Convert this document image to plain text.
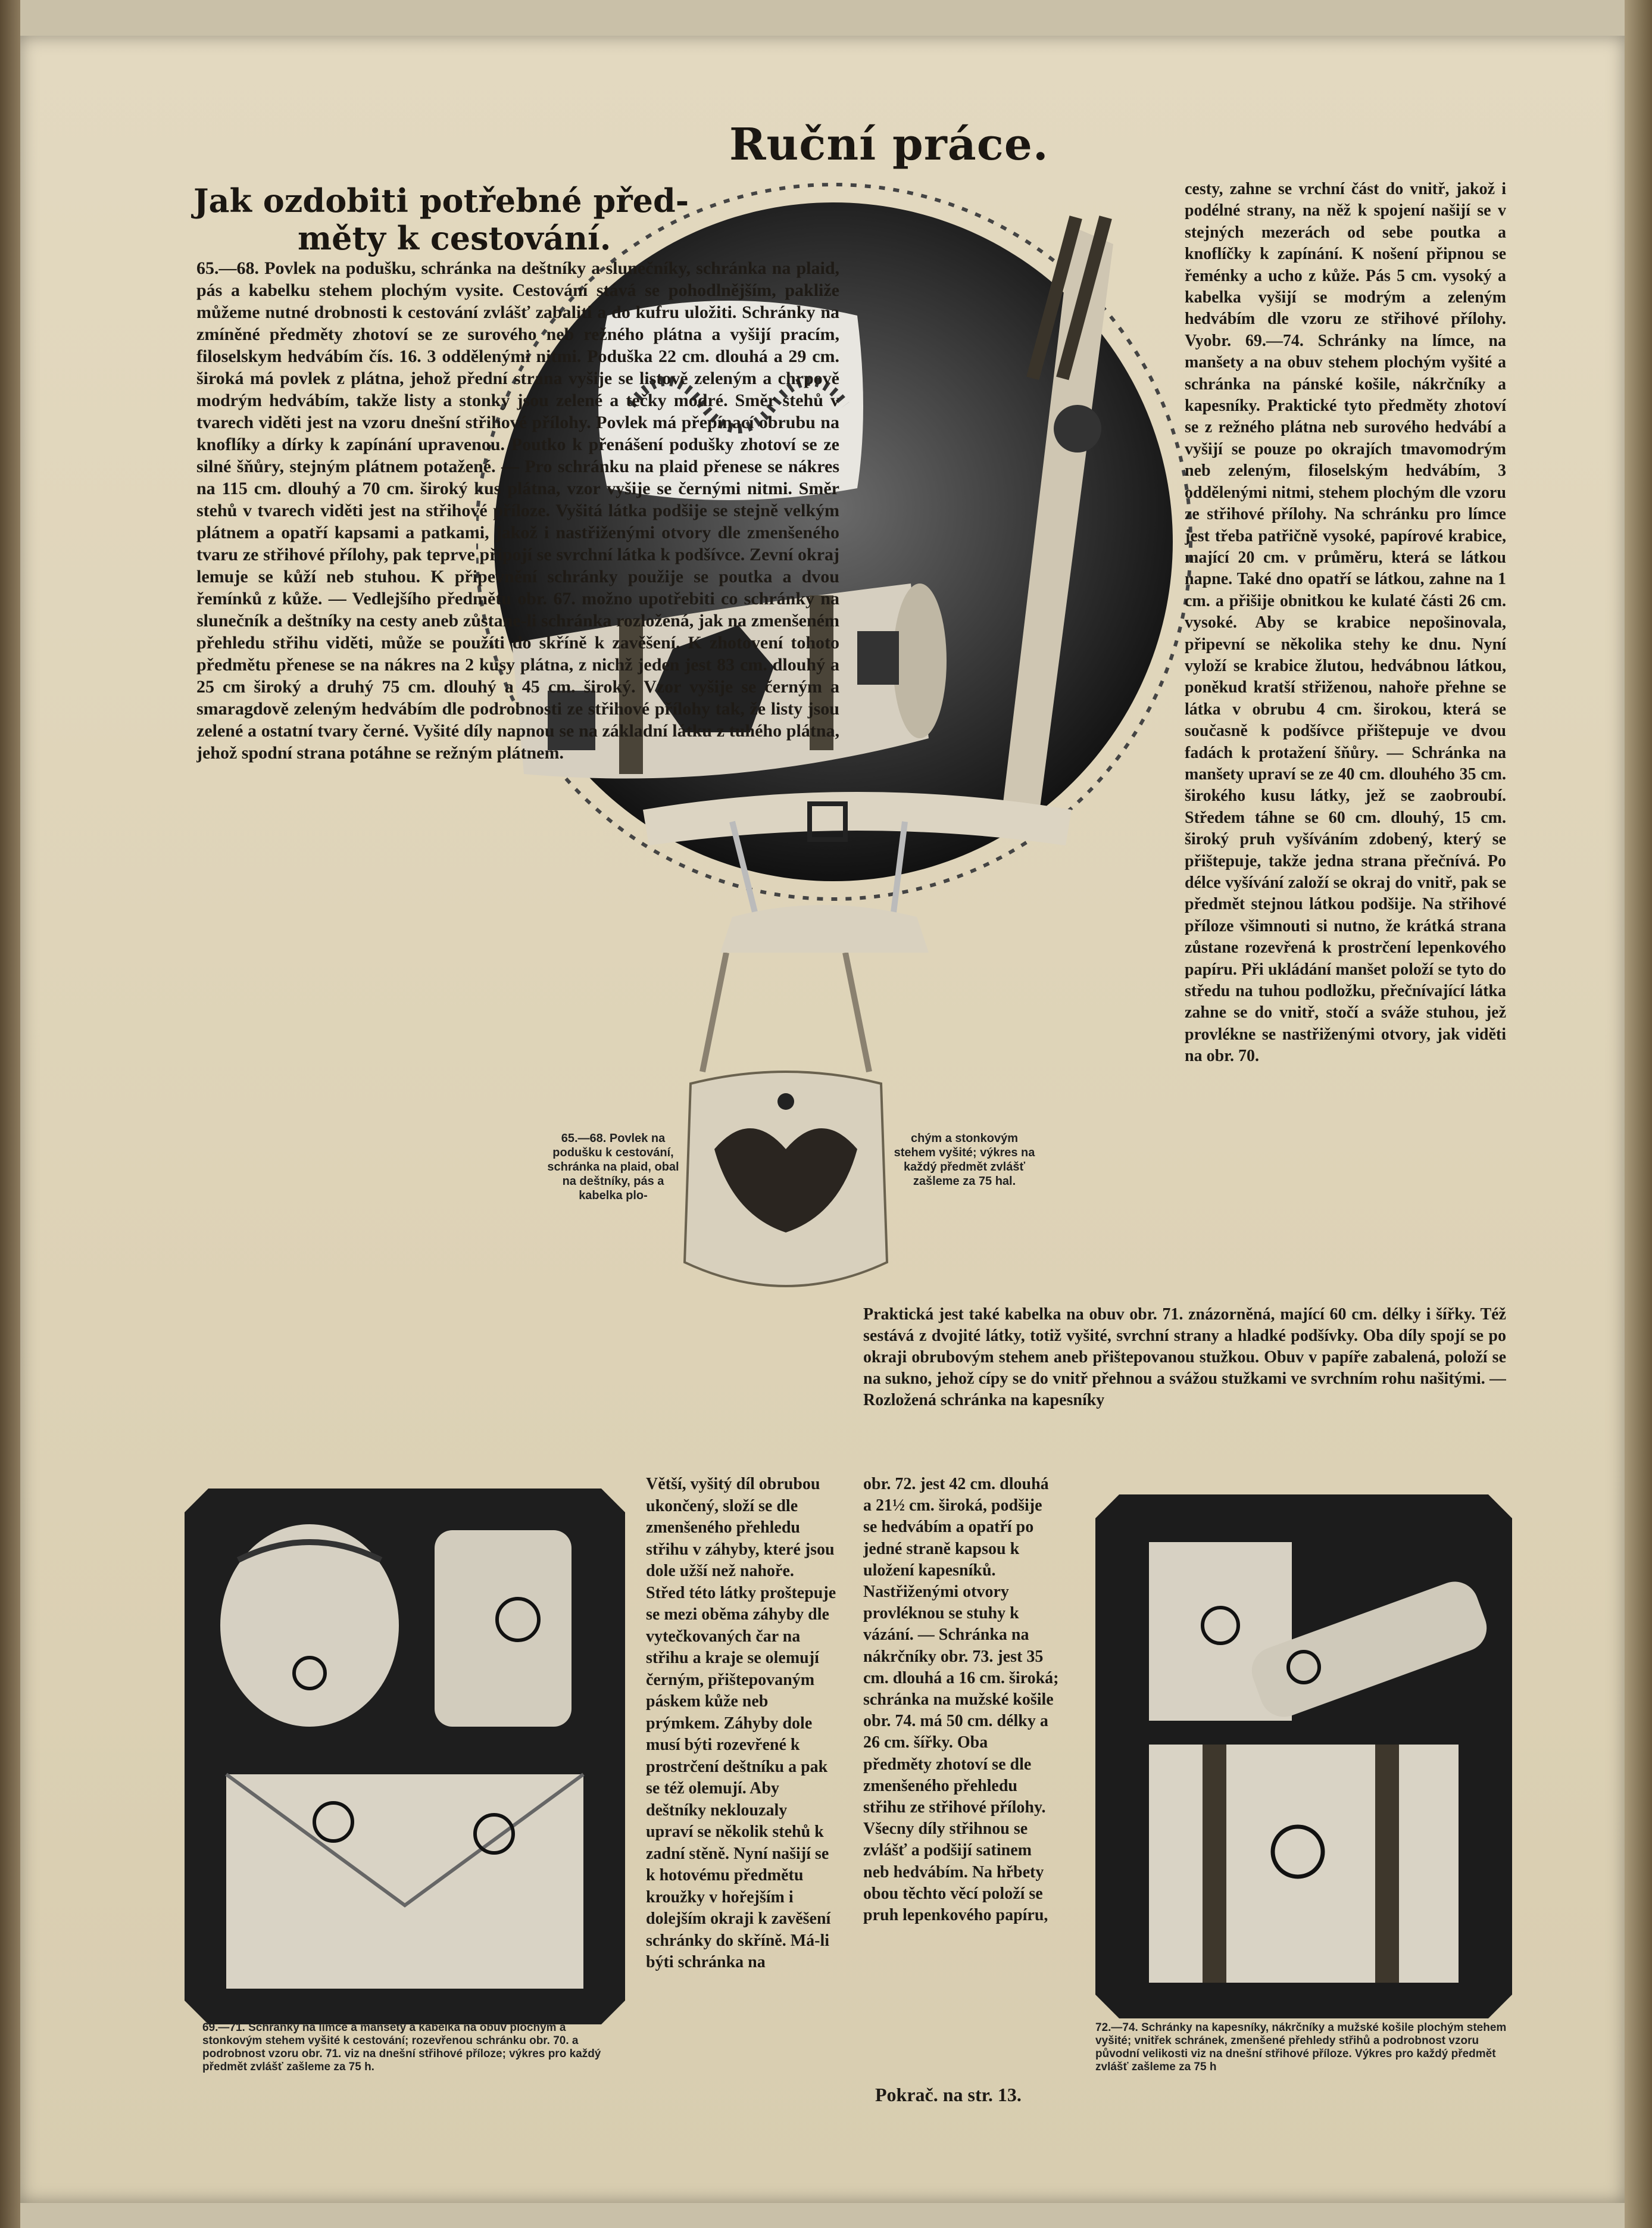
Ruční práce.
Jak ozdobiti potřebné před-
měty k cestování.
65.—68. Povlek na podušku, schránka na deštníky a slunečníky, schránka na plaid, pás a kabelku stehem plochým vysite. Cestování stává se pohodlnějším, pakliže můžeme nutné drobnosti k cestování zvlášť zabaliti a do kufru uložiti. Schránky na zmíněné předměty zhotoví se ze surového neb režného plátna a vyšijí pracím, filoselskym hedvábím čís. 16. 3 oddělenými nitmi. Poduška 22 cm. dlouhá a 29 cm. široká má povlek z plátna, jehož přední strana vyšije se listově zeleným a chrpově modrým hedvábím, takže listy a stonky jsou zelené a tečky modré. Směr stehů v tvarech viděti jest na vzoru dnešní střihové přílohy. Povlek má přepínací obrubu na knoflíky a dírky k zapínání upravenou. Poutko k přenášení podušky zhotoví se ze silné šňůry, stejným plátnem potažené. — Pro schránku na plaid přenese se nákres na 115 cm. dlouhý a 70 cm. široký kus plátna, vzor vyšije se černými nitmi. Směr stehů v tvarech viděti jest na střihové příloze. Vyšitá látka podšije se stejně velkým plátnem a opatří kapsami a patkami, jakož i nastřiženými otvory dle zmenšeného tvaru ze střihové přílohy, pak teprve připojí se svrchní látka k podšívce. Zevní okraj lemuje se kůží neb stuhou. K připevnění schránky použije se poutka a dvou řemínků z kůže. — Vedlejšího předmětu obr. 67. možno upotřebiti co schránky na slunečník a deštníky na cesty aneb zůstane-li schránka rozložená, jak na zmenšeném přehledu střihu viděti, může se použíti do skříně k zavěšení. K zhotovení tohoto předmětu přenese se na nákres na 2 kusy plátna, z nichž jeden jest 83 cm. dlouhý a 25 cm široký a druhý 75 cm. dlouhý a 45 cm. široký. Vzor vyšije se černým a smaragdově zeleným hedvábím dle podrobnosti ze střihové přílohy tak, že listy jsou zelené a ostatní tvary černé. Vyšité díly napnou se na základní látku z tuhého plátna, jehož spodní strana potáhne se režným plátnem.
Větší, vyšitý díl obrubou ukončený, složí se dle zmenšeného přehledu střihu v záhyby, které jsou dole užší než nahoře. Střed této látky proštepuje se mezi oběma záhyby dle vytečkovaných čar na střihu a kraje se olemují černým, přištepovaným páskem kůže neb prýmkem. Záhyby dole musí býti rozevřené k prostrčení deštníku a pak se též olemují. Aby deštníky neklouzaly upraví se několik stehů k zadní stěně. Nyní našijí se k hotovému předmětu kroužky v hořejším i dolejším okraji k zavěšení schránky do skříně. Má-li býti schránka na
cesty, zahne se vrchní část do vnitř, jakož i podélné strany, na něž k spojení našijí se v stejných mezerách od sebe poutka a knoflíčky k zapínání. K nošení připnou se řeménky a ucho z kůže. Pás 5 cm. vysoký a kabelka vyšijí se modrým a zeleným hedvábím dle vzoru ze střihové přílohy. Vyobr. 69.—74. Schránky na límce, na manšety a na obuv stehem plochým vyšité a schránka na pánské košile, nákrčníky a kapesníky. Praktické tyto předměty zhotoví se z režného plátna neb surového hedvábí a vyšijí se pouze po okrajích tmavomodrým neb zeleným, filoselským hedvábím, 3 oddělenými nitmi, stehem plochým dle vzoru ze střihové přílohy. Na schránku pro límce jest třeba patřičně vysoké, papírové krabice, mající 20 cm. v průměru, která se látkou napne. Také dno opatří se látkou, zahne na 1 cm. a přišije obnitkou ke kulaté části 26 cm. vysoké. Aby se krabice nepošinovala, připevní se několika stehy ke dnu. Nyní vyloží se krabice žlutou, hedvábnou látkou, poněkud kratší střiženou, nahoře přehne se látka v obrubu 4 cm. širokou, která se současně k podšívce přištepuje ve dvou fadách k protažení šňůry. — Schránka na manšety upraví se ze 40 cm. dlouhého 35 cm. širokého kusu látky, jež se zaobroubí. Středem táhne se 60 cm. dlouhý, 15 cm. široký pruh vyšíváním zdobený, který se přištepuje, takže jedna strana přečnívá. Po délce vyšívání založí se okraj do vnitř, pak se předmět stejnou látkou podšije. Na střihové příloze všimnouti si nutno, že krátká strana zůstane rozevřená k prostrčení lepenkového papíru. Při ukládání manšet položí se tyto do středu na tuhou podložku, přečnívající látka zahne se do vnitř, stočí a sváže stuhou, jež provlékne se nastřiženými otvory, jak viděti na obr. 70.
Praktická jest také kabelka na obuv obr. 71. znázorněná, mající 60 cm. délky i šířky. Též sestává z dvojité látky, totiž vyšité, svrchní strany a hladké podšívky. Oba díly spojí se po okraji obrubovým stehem aneb přištepovanou stužkou. Obuv v papíře zabalená, položí se na sukno, jehož cípy se do vnitř přehnou a svážou stužkami ve svrchním rohu našitými. — Rozložená schránka na kapesníky
obr. 72. jest 42 cm. dlouhá a 21½ cm. široká, podšije se hedvábím a opatří po jedné straně kapsou k uložení kapesníků. Nastřiženými otvory provléknou se stuhy k vázání. — Schránka na nákrčníky obr. 73. jest 35 cm. dlouhá a 16 cm. široká; schránka na mužské košile obr. 74. má 50 cm. délky a 26 cm. šířky. Oba předměty zhotoví se dle zmenšeného přehledu střihu ze střihové přílohy. Všecny díly střihnou se zvlášť a podšijí satinem neb hedvábím. Na hřbety obou těchto věcí položí se pruh lepenkového papíru,
Pokrač. na str. 13.
65.—68. Povlek na podušku k cestování, schránka na plaid, obal na deštníky, pás a kabelka plo-
chým a stonkovým stehem vyšité; výkres na každý předmět zvlášť zašleme za 75 hal.
69.—71. Schránky na límce a manšety a kabelka na obuv plochým a stonkovým stehem vyšité k cestování; rozevřenou schránku obr. 70. a podrobnost vzoru obr. 71. viz na dnešní střihové příloze; výkres pro každý předmět zvlášť zašleme za 75 h.
72.—74. Schránky na kapesníky, nákrčníky a mužské košile plochým stehem vyšité; vnitřek schránek, zmenšené přehledy střihů a podrobnost vzoru původní velikosti viz na dnešní střihové příloze. Výkres pro každý předmět zvlášť zašleme za 75 h
